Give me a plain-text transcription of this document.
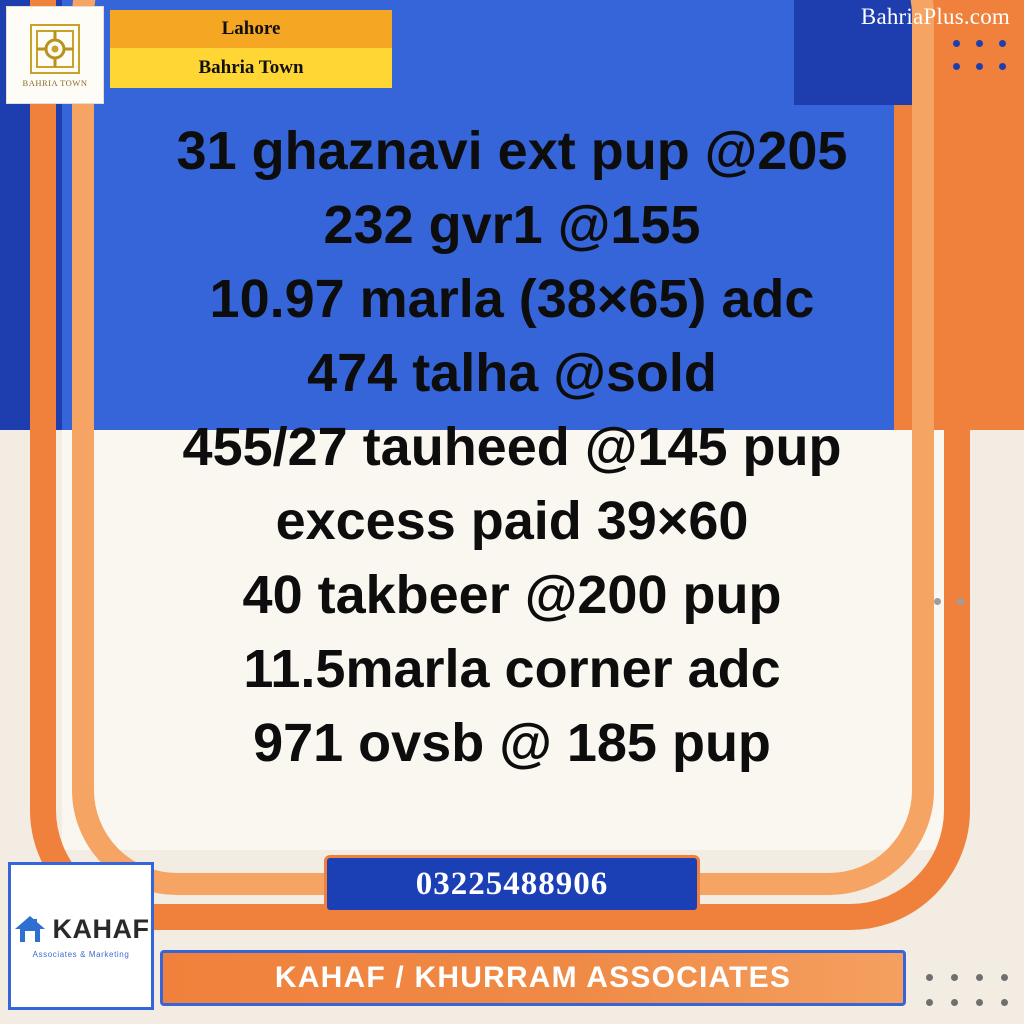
BAHRIA TOWN
Lahore
Bahria Town
BahriaPlus.com
31 ghaznavi ext pup @205
232 gvr1 @155
10.97 marla (38×65) adc
474 talha @sold
455/27 tauheed @145 pup
excess paid 39×60
40 takbeer @200 pup
11.5marla corner adc
971 ovsb @ 185 pup
03225488906
KAHAF / KHURRAM ASSOCIATES
KAHAF
Associates & Marketing
